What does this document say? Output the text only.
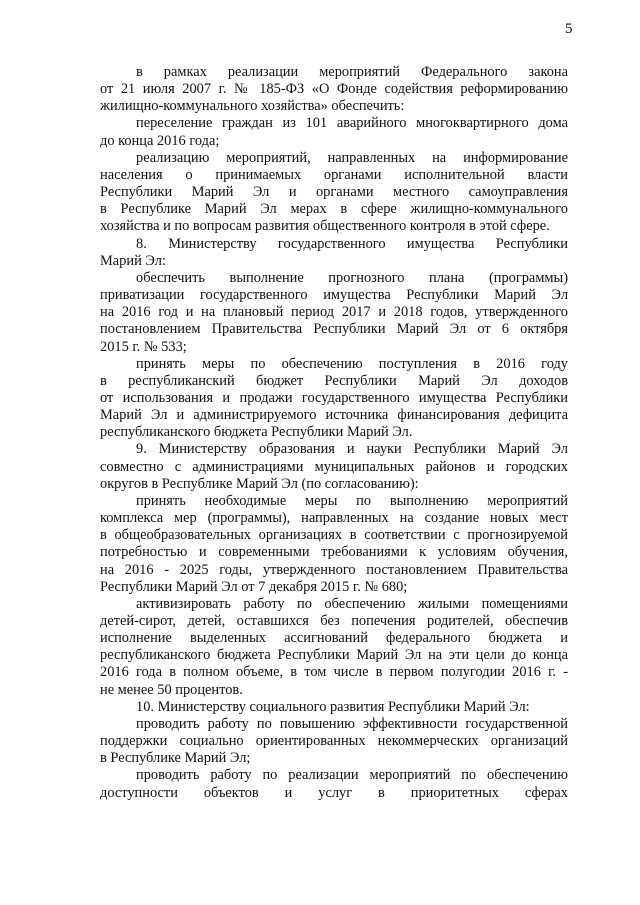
5
в рамках реализации мероприятий Федерального закона
от 21 июля 2007 г. № 185-ФЗ «О Фонде содействия реформированию
жилищно-коммунального хозяйства» обеспечить:
переселение граждан из 101 аварийного многоквартирного дома
до конца 2016 года;
реализацию мероприятий, направленных на информирование
населения о принимаемых органами исполнительной власти
Республики Марий Эл и органами местного самоуправления
в Республике Марий Эл мерах в сфере жилищно-коммунального
хозяйства и по вопросам развития общественного контроля в этой сфере.
8. Министерству государственного имущества Республики
Марий Эл:
обеспечить выполнение прогнозного плана (программы)
приватизации государственного имущества Республики Марий Эл
на 2016 год и на плановый период 2017 и 2018 годов, утвержденного
постановлением Правительства Республики Марий Эл от 6 октября
2015 г. № 533;
принять меры по обеспечению поступления в 2016 году
в республиканский бюджет Республики Марий Эл доходов
от использования и продажи государственного имущества Республики
Марий Эл и администрируемого источника финансирования дефицита
республиканского бюджета Республики Марий Эл.
9. Министерству образования и науки Республики Марий Эл
совместно с администрациями муниципальных районов и городских
округов в Республике Марий Эл (по согласованию):
принять необходимые меры по выполнению мероприятий
комплекса мер (программы), направленных на создание новых мест
в общеобразовательных организациях в соответствии с прогнозируемой
потребностью и современными требованиями к условиям обучения,
на 2016 - 2025 годы, утвержденного постановлением Правительства
Республики Марий Эл от 7 декабря 2015 г. № 680;
активизировать работу по обеспечению жилыми помещениями
детей-сирот, детей, оставшихся без попечения родителей, обеспечив
исполнение выделенных ассигнований федерального бюджета и
республиканского бюджета Республики Марий Эл на эти цели до конца
2016 года в полном объеме, в том числе в первом полугодии 2016 г. -
не менее 50 процентов.
10. Министерству социального развития Республики Марий Эл:
проводить работу по повышению эффективности государственной
поддержки социально ориентированных некоммерческих организаций
в Республике Марий Эл;
проводить работу по реализации мероприятий по обеспечению
доступности объектов и услуг в приоритетных сферах
